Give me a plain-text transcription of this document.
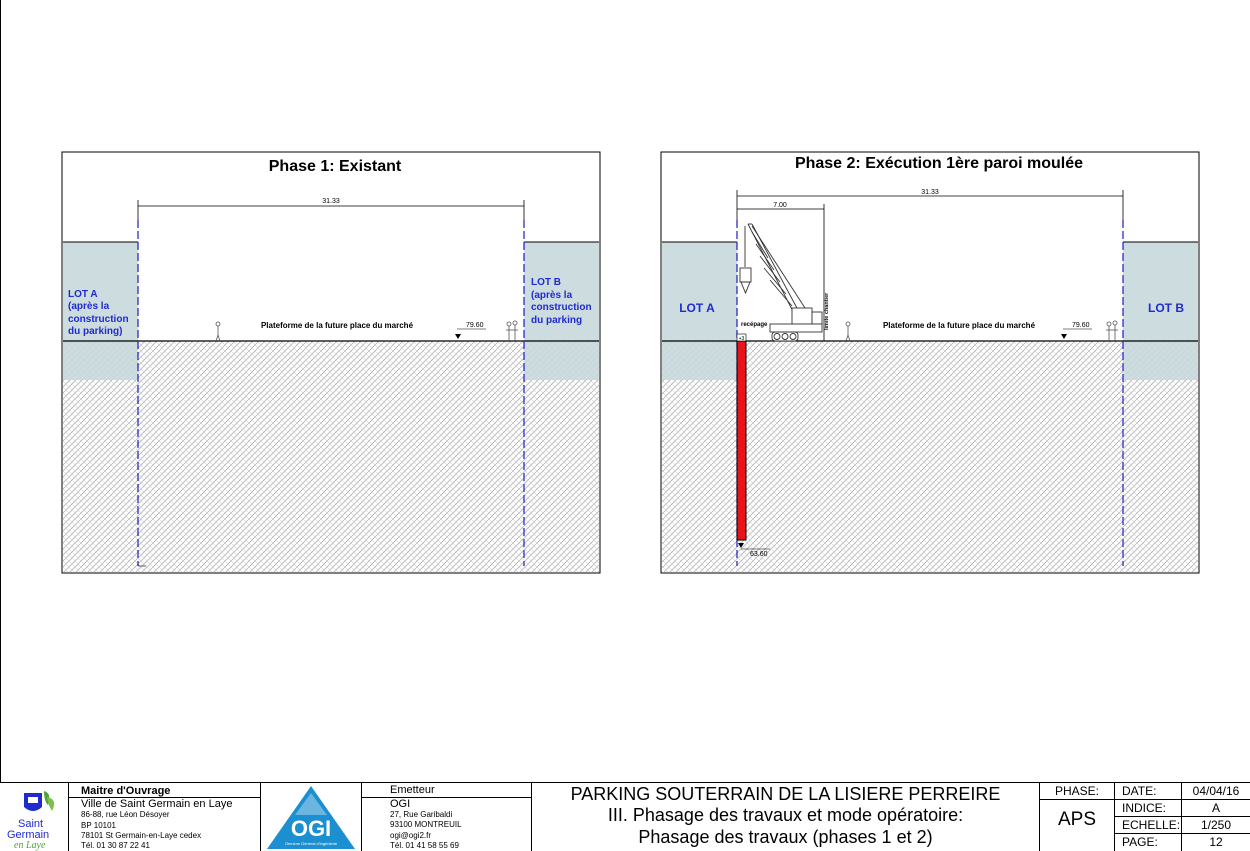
31.33
Phase 1: Existant
LOT A
(après la
construction
du parking)
LOT B
(après la
construction
du parking
Plateforme de la future place du marché	79.60
+3
63.60
31.33
7.00
Phase 2: Exécution 1ère paroi moulée
LOT A	LOT B
Plateforme de la future place du marché	79.60
recépage	limite chantier
Saint
Germain
en Laye
Maitre d'Ouvrage
Ville de Saint Germain en Laye
86-88, rue Léon Désoyer
BP 10101
78101 St Germain-en-Laye cedex
Tél. 01 30 87 22 41
OGI
Omnium Général d'Ingénierie
Emetteur
OGI
27, Rue Garibaldi
93100 MONTREUIL
ogi@ogi2.fr
Tél. 01 41 58 55 69
PARKING SOUTERRAIN DE LA LISIERE PERREIRE
III. Phasage des travaux et mode opératoire:
Phasage des travaux (phases 1 et 2)
PHASE:
APS
DATE:	04/04/16
INDICE:	A
ECHELLE:	1/250
PAGE:	12
